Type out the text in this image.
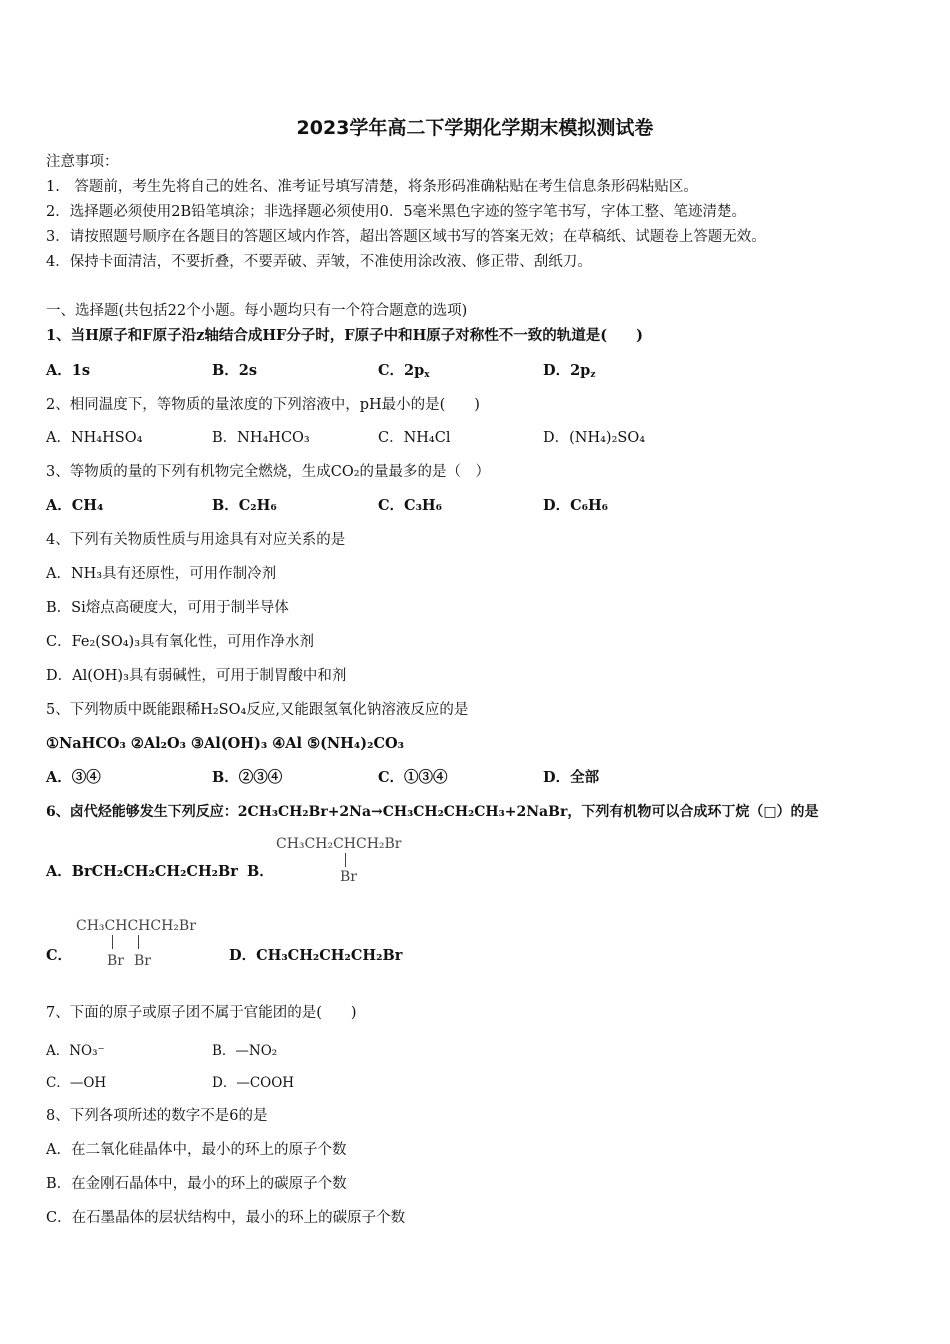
2023学年高二下学期化学期末模拟测试卷
注意事项：
1.　答题前，考生先将自己的姓名、准考证号填写清楚，将条形码准确粘贴在考生信息条形码粘贴区。
2．选择题必须使用2B铅笔填涂；非选择题必须使用0．5毫米黑色字迹的签字笔书写，字体工整、笔迹清楚。
3．请按照题号顺序在各题目的答题区域内作答，超出答题区域书写的答案无效；在草稿纸、试题卷上答题无效。
4．保持卡面清洁，不要折叠，不要弄破、弄皱，不准使用涂改液、修正带、刮纸刀。
一、选择题(共包括22个小题。每小题均只有一个符合题意的选项)
1、当H原子和F原子沿z轴结合成HF分子时，F原子中和H原子对称性不一致的轨道是(　　)
A．1s	B．2s	C．$2p_x$	D．$2p_z$
2、相同温度下，等物质的量浓度的下列溶液中，pH最小的是(　　)
A．NH₄HSO₄	B．NH₄HCO₃	C．NH₄Cl	D．(NH₄)₂SO₄
3、等物质的量的下列有机物完全燃烧，生成CO₂的量最多的是（　）
A．CH₄	B．C₂H₆	C．C₃H₆	D．C₆H₆
4、下列有关物质性质与用途具有对应关系的是
A．NH₃具有还原性，可用作制冷剂
B．Si熔点高硬度大，可用于制半导体
C．Fe₂(SO₄)₃具有氧化性，可用作净水剂
D．Al(OH)₃具有弱碱性，可用于制胃酸中和剂
5、下列物质中既能跟稀H₂SO₄反应,又能跟氢氧化钠溶液反应的是
①NaHCO₃ ②Al₂O₃ ③Al(OH)₃ ④Al ⑤(NH₄)₂CO₃
A．③④	B．②③④	C．①③④	D．全部
6、卤代烃能够发生下列反应：2CH₃CH₂Br+2Na→CH₃CH₂CH₂CH₃+2NaBr，下列有机物可以合成环丁烷（□）的是
A．BrCH₂CH₂CH₂CH₂Br B．
CH₃CH₂CHCH₂Br
Br
CH₃CHCHCH₂Br
Br Br
C．	D．CH₃CH₂CH₂CH₂Br
7、下面的原子或原子团不属于官能团的是(　　)
A．NO₃⁻	B．—NO₂
C．—OH	D．—COOH
8、下列各项所述的数字不是6的是
A．在二氧化硅晶体中，最小的环上的原子个数
B．在金刚石晶体中，最小的环上的碳原子个数
C．在石墨晶体的层状结构中，最小的环上的碳原子个数
